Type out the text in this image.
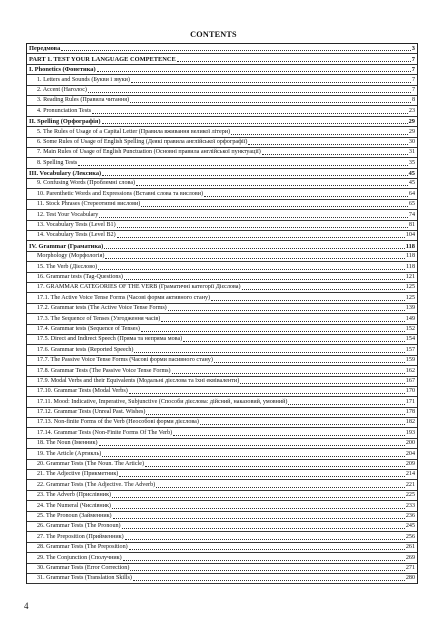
CONTENTS
Передмова	3
PART 1. TEST YOUR LANGUAGE COMPETENCE	7
I. Phonetics (Фонетика)	7
1. Letters and Sounds (Букви і звуки)	7
2. Accent (Наголос)	7
3. Reading Rules (Правила читання)	8
4. Pronunciation Tests	23
II. Spelling (Орфографія)	29
5. The Rules of Usage of a Capital Letter (Правила вживання великої літери)	29
6. Some Rules of Usage of English Spelling (Деякі правила англійської орфографії)	30
7. Main Rules of Usage of English Punctuation (Основні правила англійської пунктуації)	31
8. Spelling Tests	35
III. Vocabulary (Лексика)	45
9. Confusing Words (Проблемні слова)	45
10. Parenthetic Words and Expressions (Вставні слова та вислови)	64
11. Stock Phrases (Стереотипні вислови)	65
12. Test Your Vocabulary	74
13. Vocabulary Tests (Level B1)	81
14. Vocabulary Tests (Level B2)	104
IV. Grammar (Граматика)	118
Morphology (Морфологія)	118
15. The Verb (Дієслово)	118
16. Grammar tests (Tag-Questions)	121
17. GRAMMAR CATEGORIES OF THE VERB (Граматичні категорії Дієслова)	125
17.1. The Active Voice Tense Forms (Часові форми активного стану)	125
17.2. Grammar tests (The Active Voice Tense Forms)	139
17.3. The Sequence of Tenses (Узгодження часів)	149
17.4. Grammar tests (Sequence of Tenses)	152
17.5. Direct and Indirect Speech (Пряма та непряма мова)	154
17.6. Grammar tests (Reported Speech)	157
17.7. The Passive Voice Tense Forms (Часові форми пасивного стану)	159
17.8. Grammar Tests (The Passive Voice Tense Forms)	162
17.9. Modal Verbs and their Equivalents (Модальні дієслова та їхні еквіваленти)	167
17.10. Grammar Tests (Modal Verbs)	170
17.11. Mood: Indicative, Imperative, Subjunctive (Способи дієслова: дійсний, наказовий, умовний)	171
17.12. Grammar Tests (Unreal Past. Wishes)	178
17.13. Non-finite Forms of the Verb (Неособові форми дієслова)	182
17.14. Grammar Tests (Non-Finite Forms Of The Verb)	193
18. The Noun (Іменник)	200
19. The Article (Артикль)	204
20. Grammar Tests (The Noun. The Article)	209
21. The Adjective (Прикметник)	214
22. Grammar Tests (The Adjective. The Adverb)	221
23. The Adverb (Прислівник)	225
24. The Numeral (Числівник)	233
25. The Pronoun (Займенник)	236
26. Grammar Tests (The Pronoun)	245
27. The Preposition (Прийменник)	256
28. Grammar Tests (The Preposition)	261
29. The Conjunction (Сполучник)	269
30. Grammar Tests (Error Correction)	271
31. Grammar Tests (Translation Skills)	280
4
